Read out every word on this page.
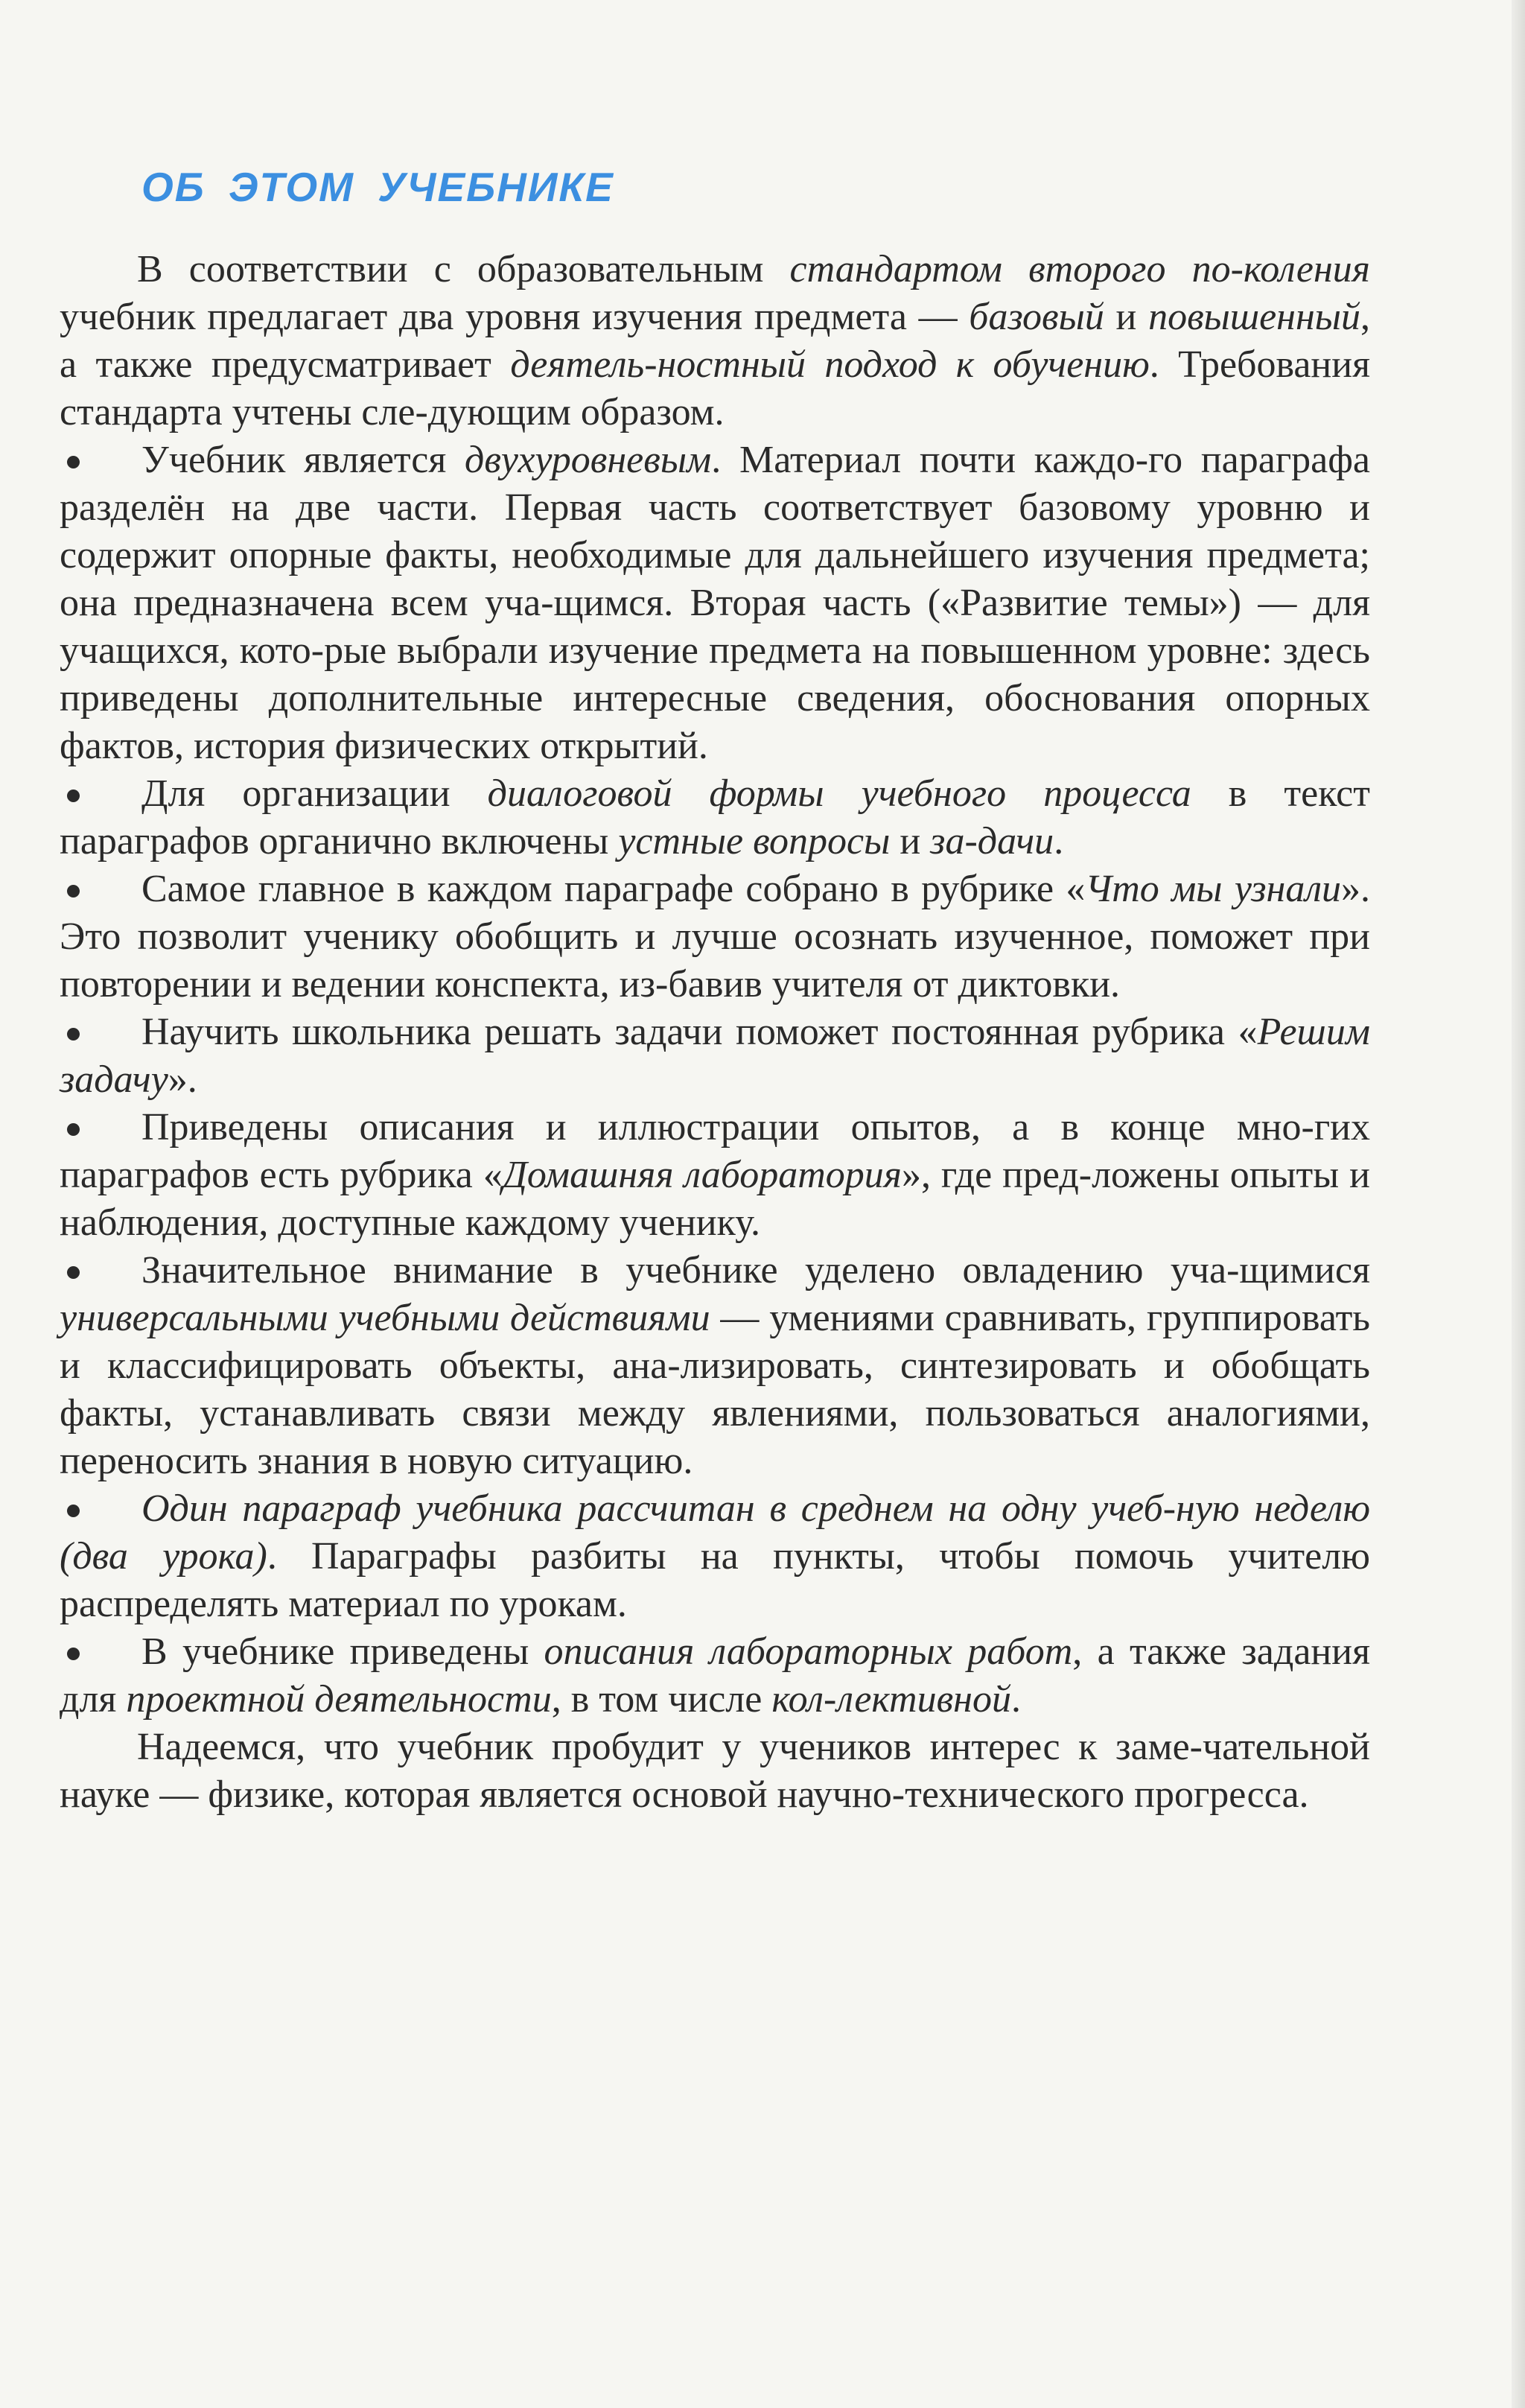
ОБ ЭТОМ УЧЕБНИКЕ

В соответствии с образовательным стандартом второго по-коления учебник предлагает два уровня изучения предмета — базовый и повышенный, а также предусматривает деятель-ностный подход к обучению. Требования стандарта учтены сле-дующим образом.

Учебник является двухуровневым. Материал почти каждо-го параграфа разделён на две части. Первая часть соответствует базовому уровню и содержит опорные факты, необходимые для дальнейшего изучения предмета; она предназначена всем уча-щимся. Вторая часть («Развитие темы») — для учащихся, кото-рые выбрали изучение предмета на повышенном уровне: здесь приведены дополнительные интересные сведения, обоснования опорных фактов, история физических открытий.

Для организации диалоговой формы учебного процесса в текст параграфов органично включены устные вопросы и за-дачи.

Самое главное в каждом параграфе собрано в рубрике «Что мы узнали». Это позволит ученику обобщить и лучше осознать изученное, поможет при повторении и ведении конспекта, из-бавив учителя от диктовки.

Научить школьника решать задачи поможет постоянная рубрика «Решим задачу».

Приведены описания и иллюстрации опытов, а в конце мно-гих параграфов есть рубрика «Домашняя лаборатория», где пред-ложены опыты и наблюдения, доступные каждому ученику.

Значительное внимание в учебнике уделено овладению уча-щимися универсальными учебными действиями — умениями сравнивать, группировать и классифицировать объекты, ана-лизировать, синтезировать и обобщать факты, устанавливать связи между явлениями, пользоваться аналогиями, переносить знания в новую ситуацию.

Один параграф учебника рассчитан в среднем на одну учеб-ную неделю (два урока). Параграфы разбиты на пункты, чтобы помочь учителю распределять материал по урокам.

В учебнике приведены описания лабораторных работ, а также задания для проектной деятельности, в том числе кол-лективной.

Надеемся, что учебник пробудит у учеников интерес к заме-чательной науке — физике, которая является основой научно-технического прогресса.
